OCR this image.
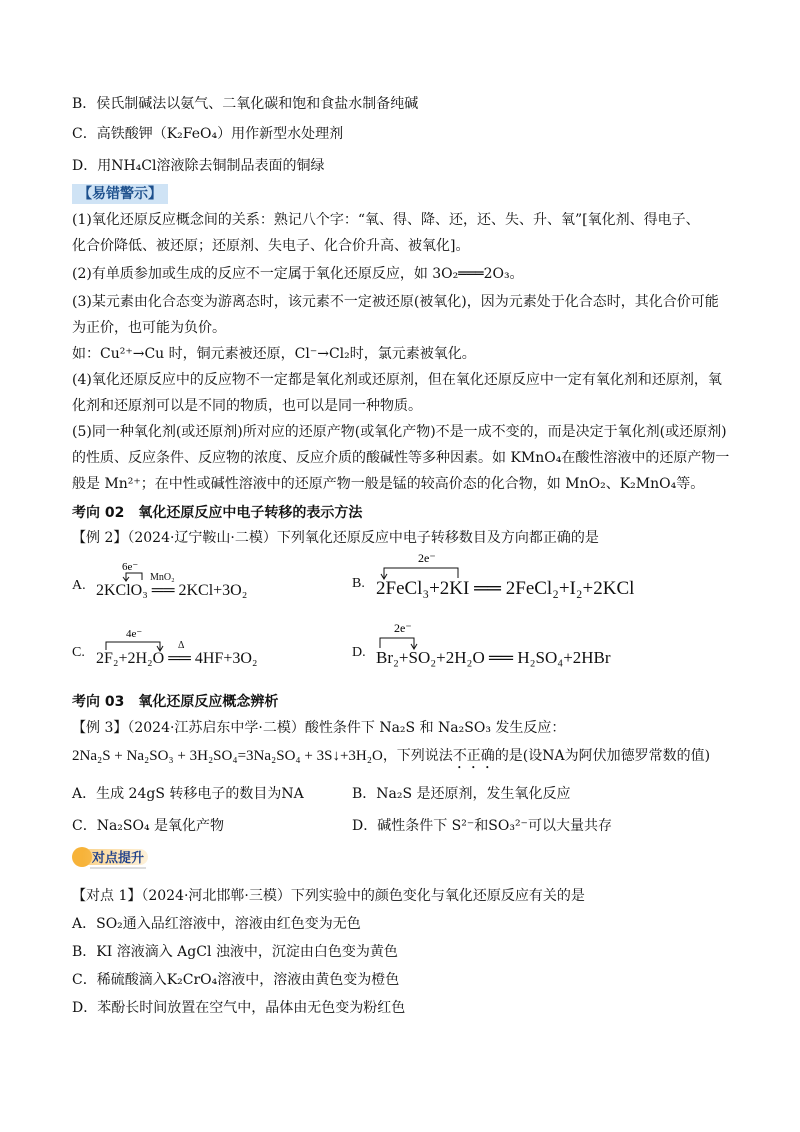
B．侯氏制碱法以氨气、二氧化碳和饱和食盐水制备纯碱
C．高铁酸钾（K₂FeO₄）用作新型水处理剂
D．用NH₄Cl溶液除去铜制品表面的铜绿
【易错警示】
(1)氧化还原反应概念间的关系：熟记八个字：“氧、得、降、还，还、失、升、氧”[氧化剂、得电子、
化合价降低、被还原；还原剂、失电子、化合价升高、被氧化]。
(2)有单质参加或生成的反应不一定属于氧化还原反应，如 3O₂═══2O₃。
(3)某元素由化合态变为游离态时，该元素不一定被还原(被氧化)，因为元素处于化合态时，其化合价可能
为正价，也可能为负价。
如：Cu²⁺→Cu 时，铜元素被还原，Cl⁻→Cl₂时，氯元素被氧化。
(4)氧化还原反应中的反应物不一定都是氧化剂或还原剂，但在氧化还原反应中一定有氧化剂和还原剂，氧
化剂和还原剂可以是不同的物质，也可以是同一种物质。
(5)同一种氧化剂(或还原剂)所对应的还原产物(或氧化产物)不是一成不变的，而是决定于氧化剂(或还原剂)
的性质、反应条件、反应物的浓度、反应介质的酸碱性等多种因素。如 KMnO₄在酸性溶液中的还原产物一
般是 Mn²⁺；在中性或碱性溶液中的还原产物一般是锰的较高价态的化合物，如 MnO₂、K₂MnO₄等。
考向 02　氧化还原反应中电子转移的表示方法
【例 2】（2024·辽宁鞍山·二模）下列氧化还原反应中电子转移数目及方向都正确的是
A.
6e⁻
2KClO₃ ══ 2KCl+3O₂
MnO₂	B.
2e⁻
2FeCl₃+2KI ══ 2FeCl₂+I₂+2KCl
C.
4e⁻
2F₂+2H₂O ══ 4HF+3O₂
Δ	D.
2e⁻
Br₂+SO₂+2H₂O ══ H₂SO₄+2HBr
考向 03　氧化还原反应概念辨析
【例 3】（2024·江苏启东中学·二模）酸性条件下 Na₂S 和 Na₂SO₃ 发生反应：
2Na₂S + Na₂SO₃ + 3H₂SO₄=3Na₂SO₄ + 3S↓+3H₂O，下列说法不正确的是(设NA为阿伏加德罗常数的值)
A．生成 24gS 转移电子的数目为NA	B．Na₂S 是还原剂，发生氧化反应
C．Na₂SO₄ 是氧化产物	D．碱性条件下 S²⁻和SO₃²⁻可以大量共存
对点提升
【对点 1】（2024·河北邯郸·三模）下列实验中的颜色变化与氧化还原反应有关的是
A．SO₂通入品红溶液中，溶液由红色变为无色
B．KI 溶液滴入 AgCl 浊液中，沉淀由白色变为黄色
C．稀硫酸滴入K₂CrO₄溶液中，溶液由黄色变为橙色
D．苯酚长时间放置在空气中，晶体由无色变为粉红色
